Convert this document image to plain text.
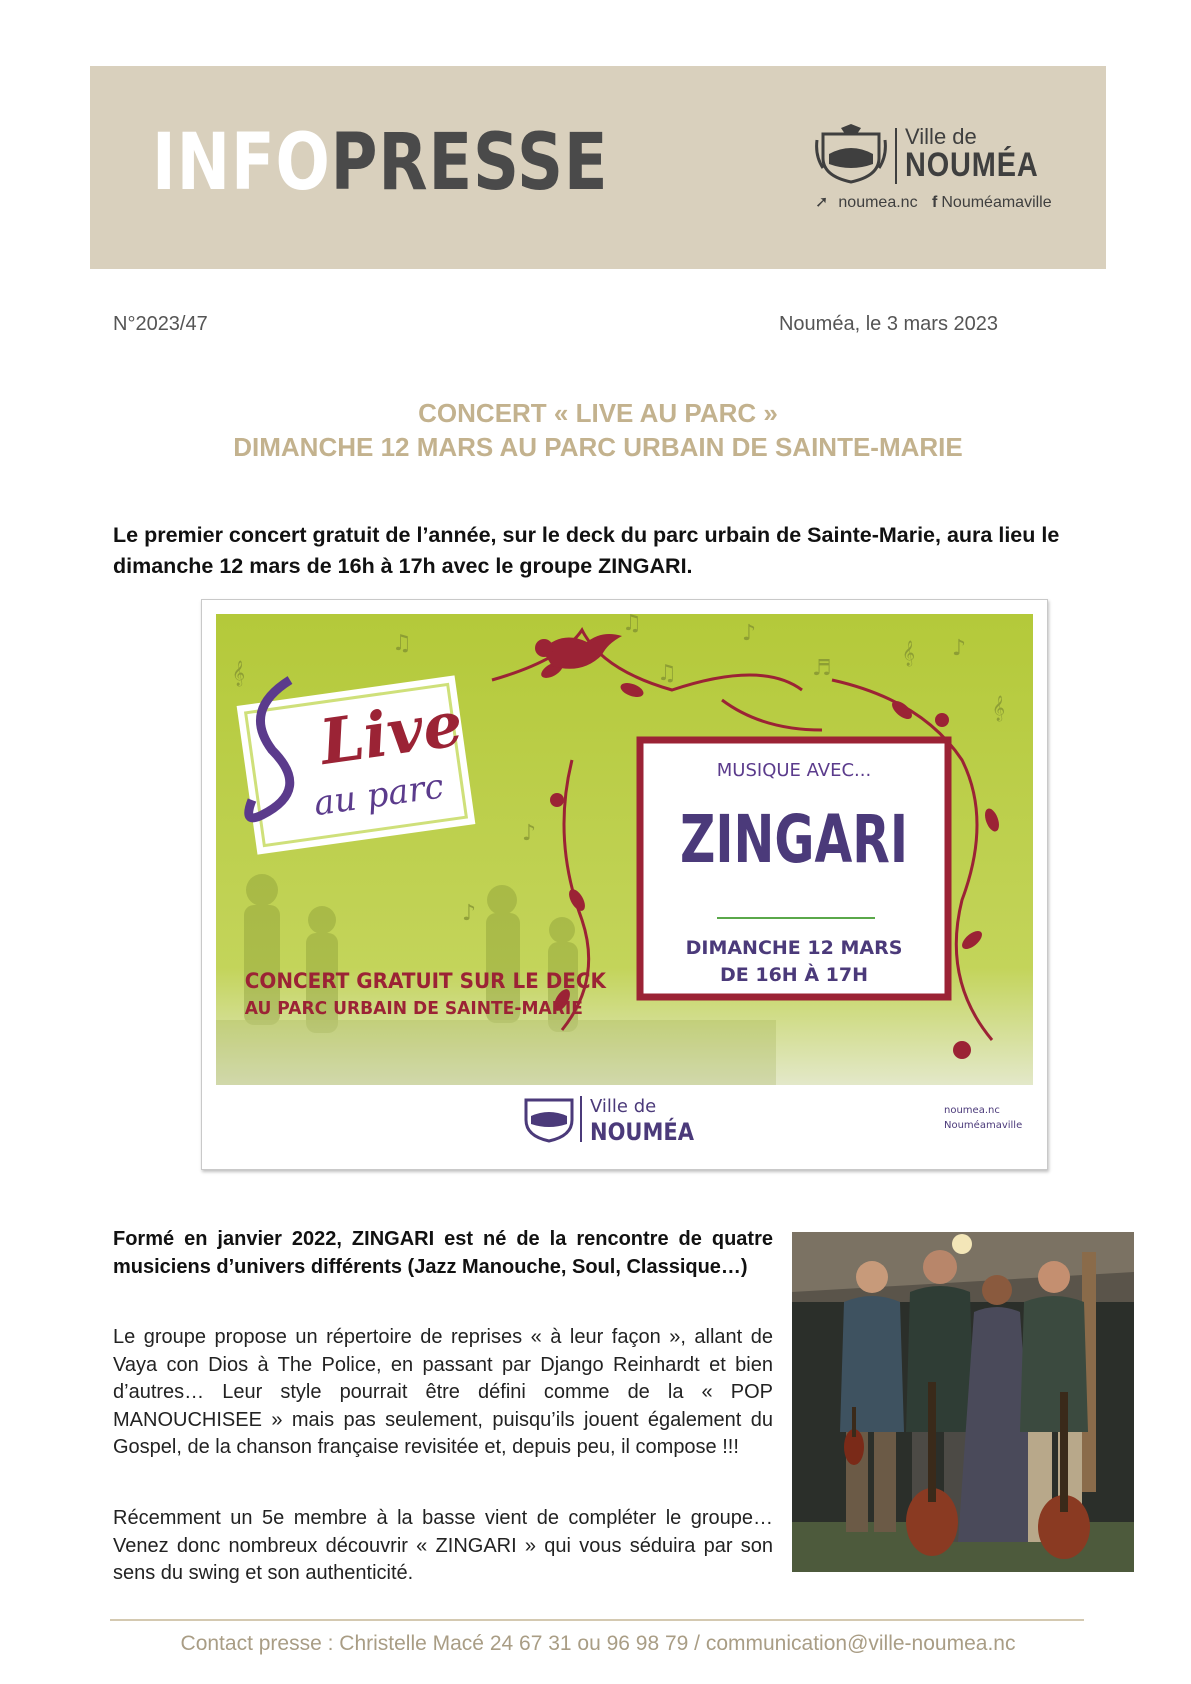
INFOPRESSE	Ville de
NOUMÉA
➚ noumea.nc f Nouméamaville
N°2023/47	Nouméa, le 3 mars 2023
CONCERT « LIVE AU PARC »
DIMANCHE 12 MARS AU PARC URBAIN DE SAINTE-MARIE
Le premier concert gratuit de l’année, sur le deck du parc urbain de Sainte-Marie, aura lieu le dimanche 12 mars de 16h à 17h avec le groupe ZINGARI.
𝄞
♫
♫	♪
♫	♬
𝄞
𝄞
♪
♪
♪
Live
au parc
CONCERT GRATUIT SUR LE DECK
AU PARC URBAIN DE SAINTE-MARIE
MUSIQUE AVEC...
ZINGARI
DIMANCHE 12 MARS
DE 16H À 17H
Ville de
NOUMÉA
noumea.nc
Nouméamaville
Formé en janvier 2022, ZINGARI est né de la rencontre de quatre musiciens d’univers différents (Jazz Manouche, Soul, Classique…)
Le groupe propose un répertoire de reprises « à leur façon », allant de Vaya con Dios à The Police, en passant par Django Reinhardt et bien d’autres… Leur style pourrait être défini comme de la « POP MANOUCHISEE » mais pas seulement, puisqu’ils jouent également du Gospel, de la chanson française revisitée et, depuis peu, il compose !!!
Récemment un 5e membre à la basse vient de compléter le groupe… Venez donc nombreux découvrir « ZINGARI » qui vous séduira par son sens du swing et son authenticité.
Contact presse : Christelle Macé 24 67 31 ou 96 98 79 / communication@ville-noumea.nc
